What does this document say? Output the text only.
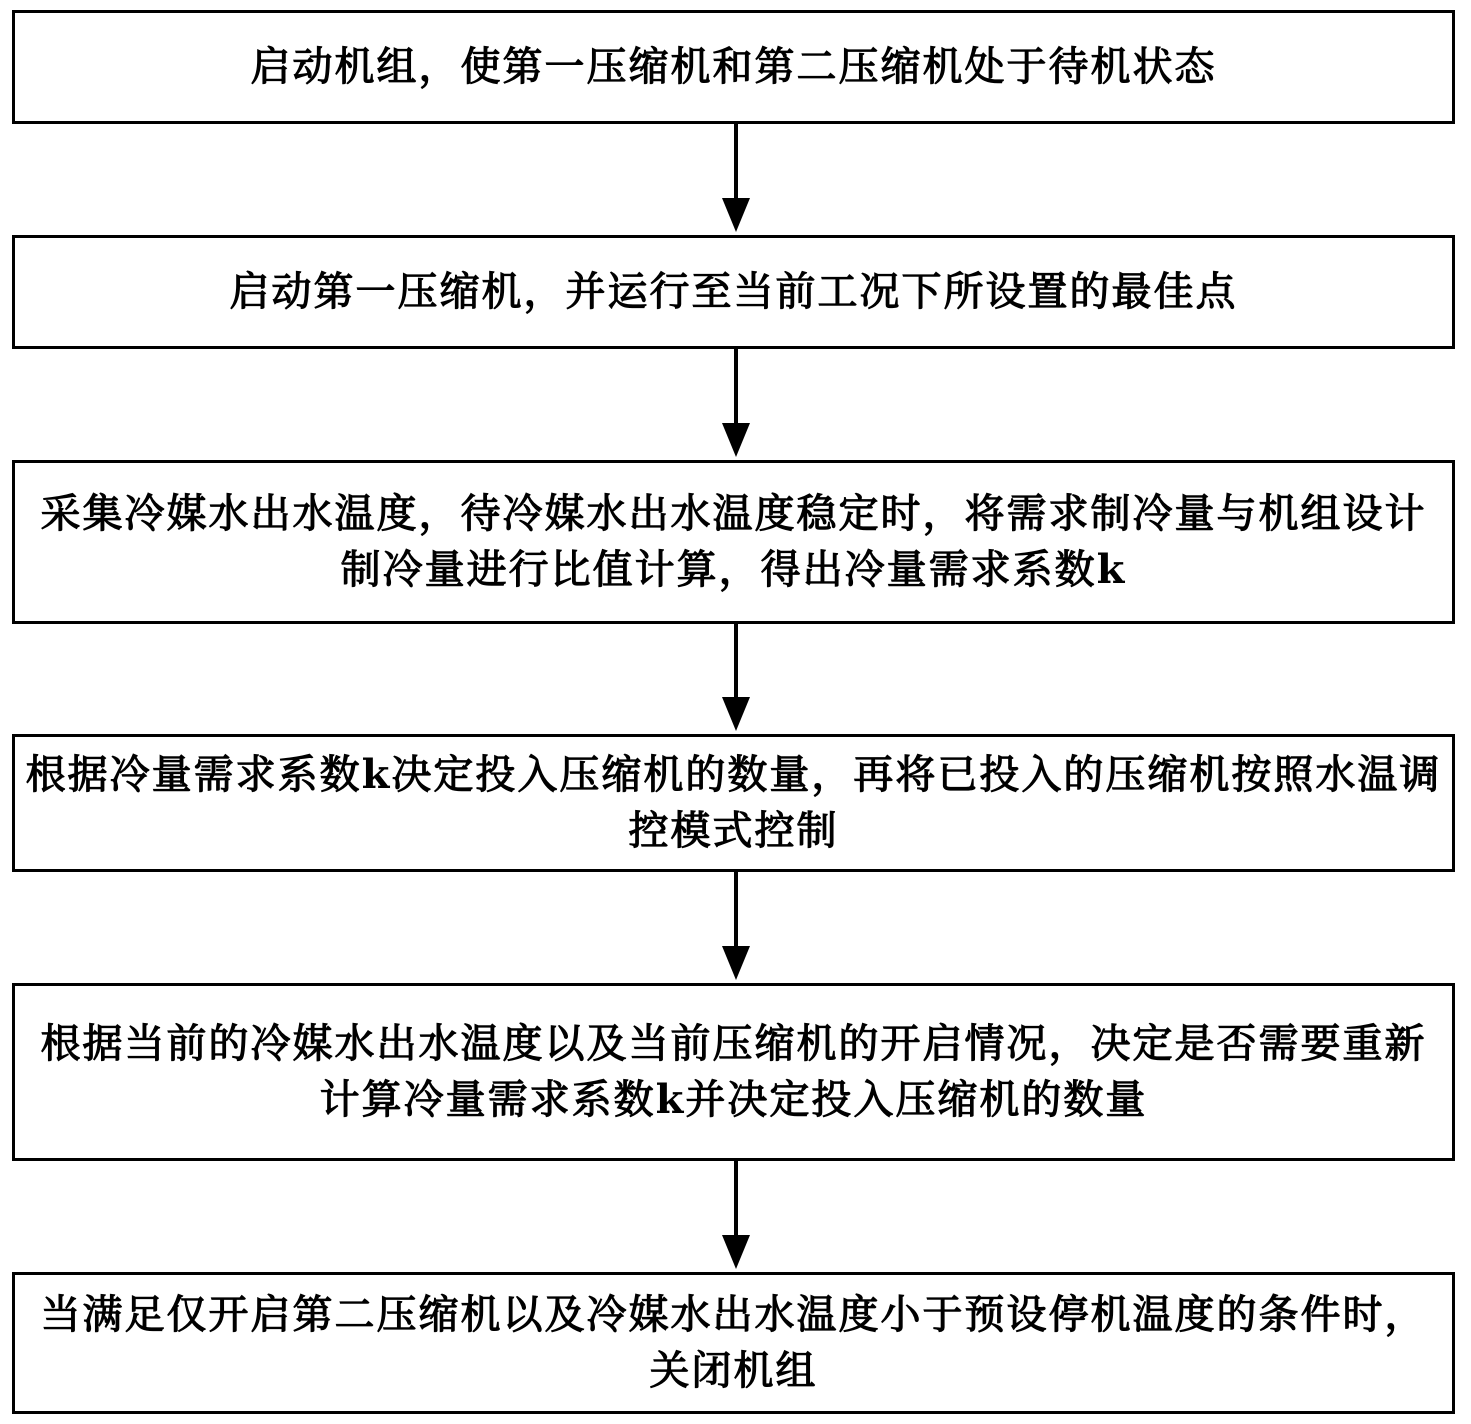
启动机组，使第一压缩机和第二压缩机处于待机状态
启动第一压缩机，并运行至当前工况下所设置的最佳点
采集冷媒水出水温度，待冷媒水出水温度稳定时，将需求制冷量与机组设计制冷量进行比值计算，得出冷量需求系数k
根据冷量需求系数k决定投入压缩机的数量，再将已投入的压缩机按照水温调控模式控制
根据当前的冷媒水出水温度以及当前压缩机的开启情况，决定是否需要重新计算冷量需求系数k并决定投入压缩机的数量
当满足仅开启第二压缩机以及冷媒水出水温度小于预设停机温度的条件时，关闭机组
